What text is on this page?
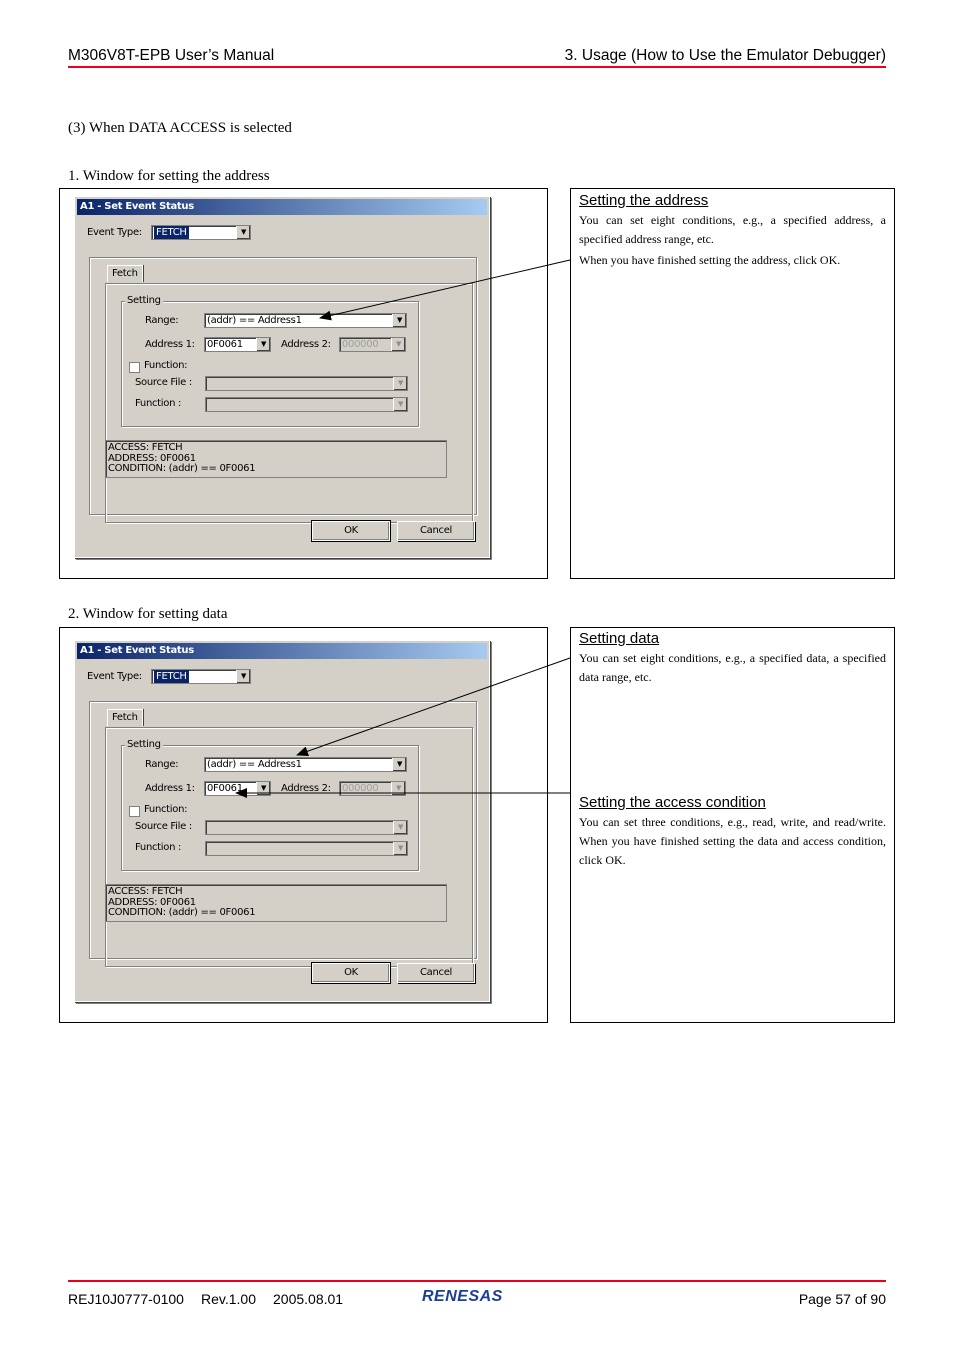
M306V8T-EPB User’s Manual	3. Usage (How to Use the Emulator Debugger)
(3) When DATA ACCESS is selected
1. Window for setting the address
A1 - Set Event Status
Event Type: FETCH	▼
Fetch
Setting
Range:	(addr) == Address1	▼
Address 1: 0F0061	▼	Address 2: 000000	▼
Function:
Source File :	▼
Function :	▼
ACCESS: FETCH
ADDRESS: 0F0061
CONDITION: (addr) == 0F0061
OK	Cancel
Setting the address
You can set eight conditions, e.g., a specified address, a specified address range, etc.
When you have finished setting the address, click OK.
2. Window for setting data
A1 - Set Event Status
Event Type: FETCH	▼
Fetch
Setting
Range:	(addr) == Address1	▼
Address 1: 0F0061	▼	Address 2: 000000	▼
Function:
Source File :	▼
Function :	▼
ACCESS: FETCH
ADDRESS: 0F0061
CONDITION: (addr) == 0F0061
OK	Cancel
Setting data
You can set eight conditions, e.g., a specified data, a specified data range, etc.
Setting the access condition
You can set three conditions, e.g., read, write, and read/write. When you have finished setting the data and access condition, click OK.
REJ10J0777-0100 Rev.1.00 2005.08.01	RENESAS	Page 57 of 90
